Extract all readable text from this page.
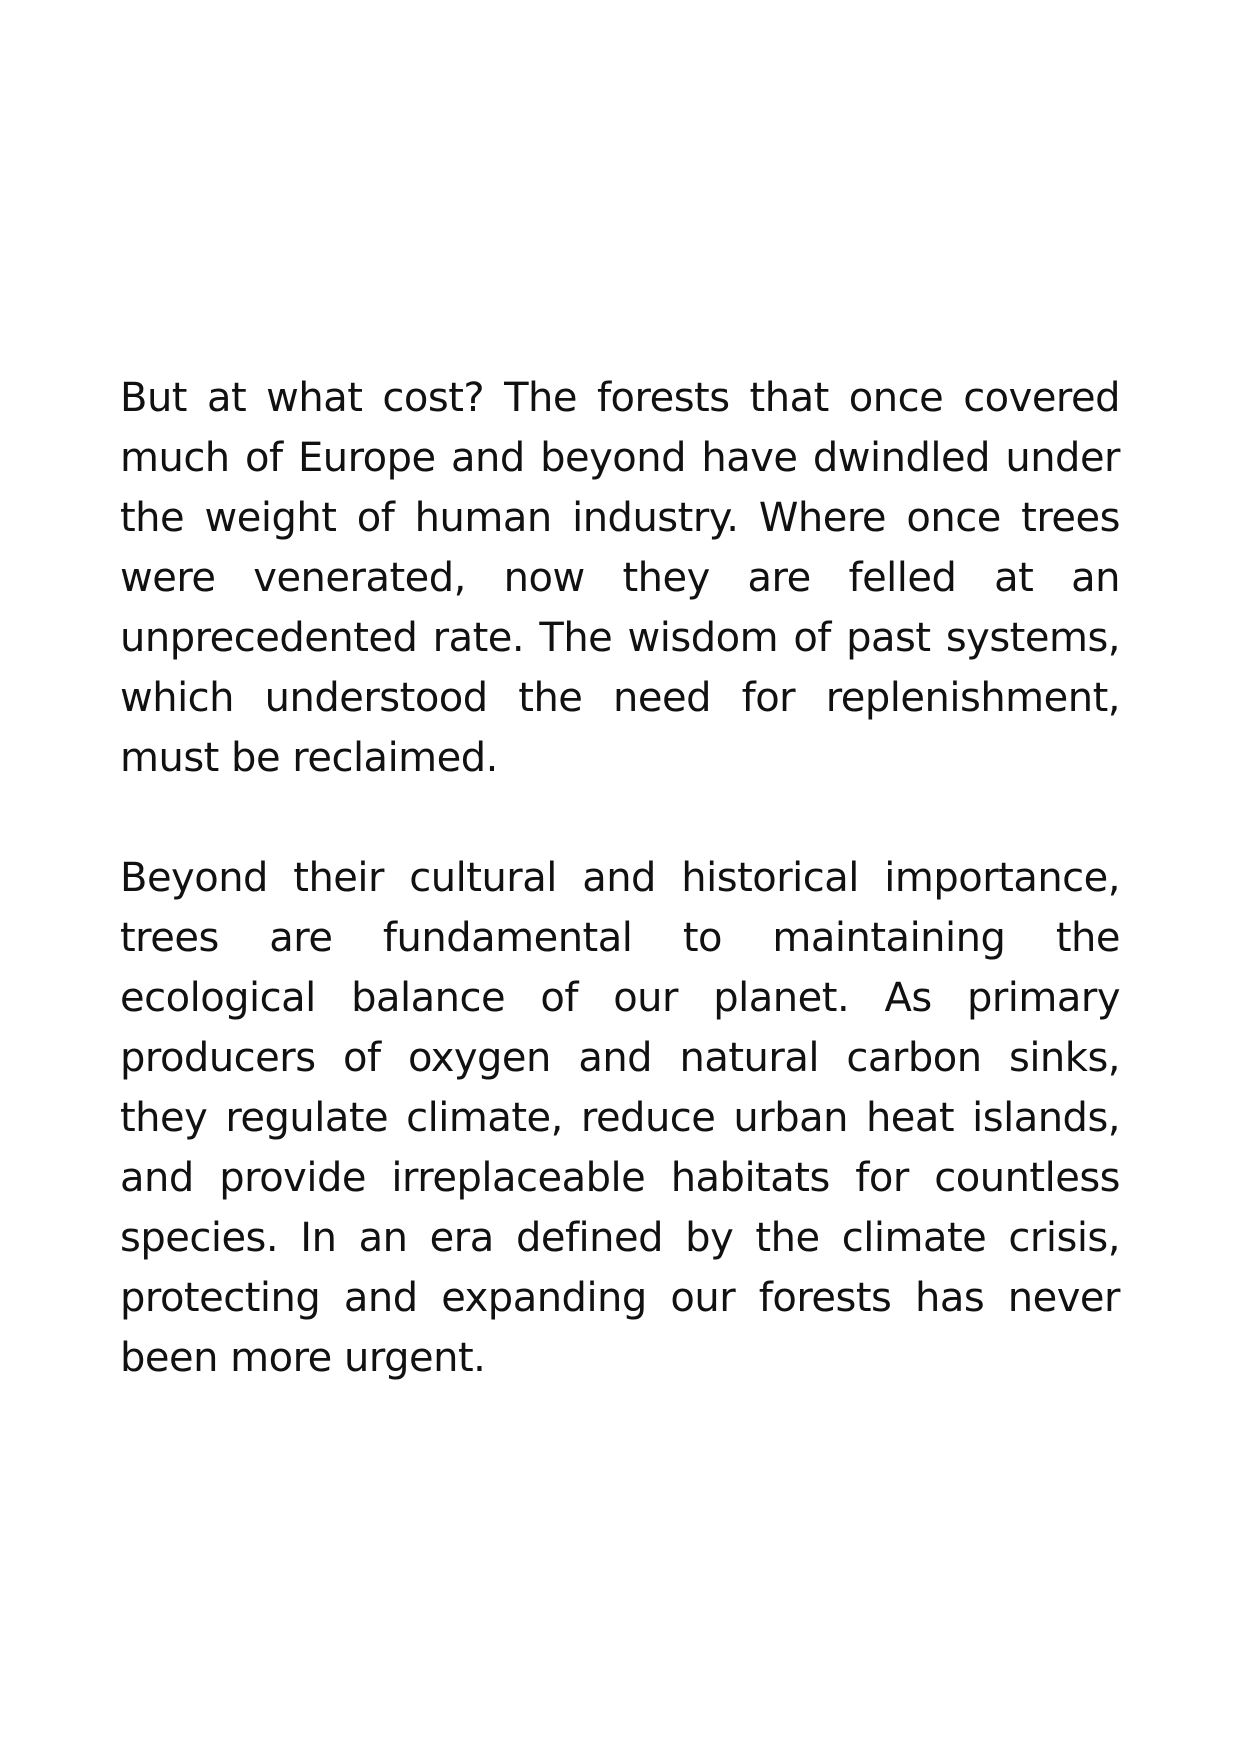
But at what cost? The forests that once covered much of Europe and beyond have dwindled under the weight of human industry. Where once trees were venerated, now they are felled at an unprecedented rate. The wisdom of past systems, which understood the need for replenishment, must be reclaimed.

Beyond their cultural and historical importance, trees are fundamental to maintaining the ecological balance of our planet. As primary producers of oxygen and natural carbon sinks, they regulate climate, reduce urban heat islands, and provide irreplaceable habitats for countless species. In an era defined by the climate crisis, protecting and expanding our forests has never been more urgent.
